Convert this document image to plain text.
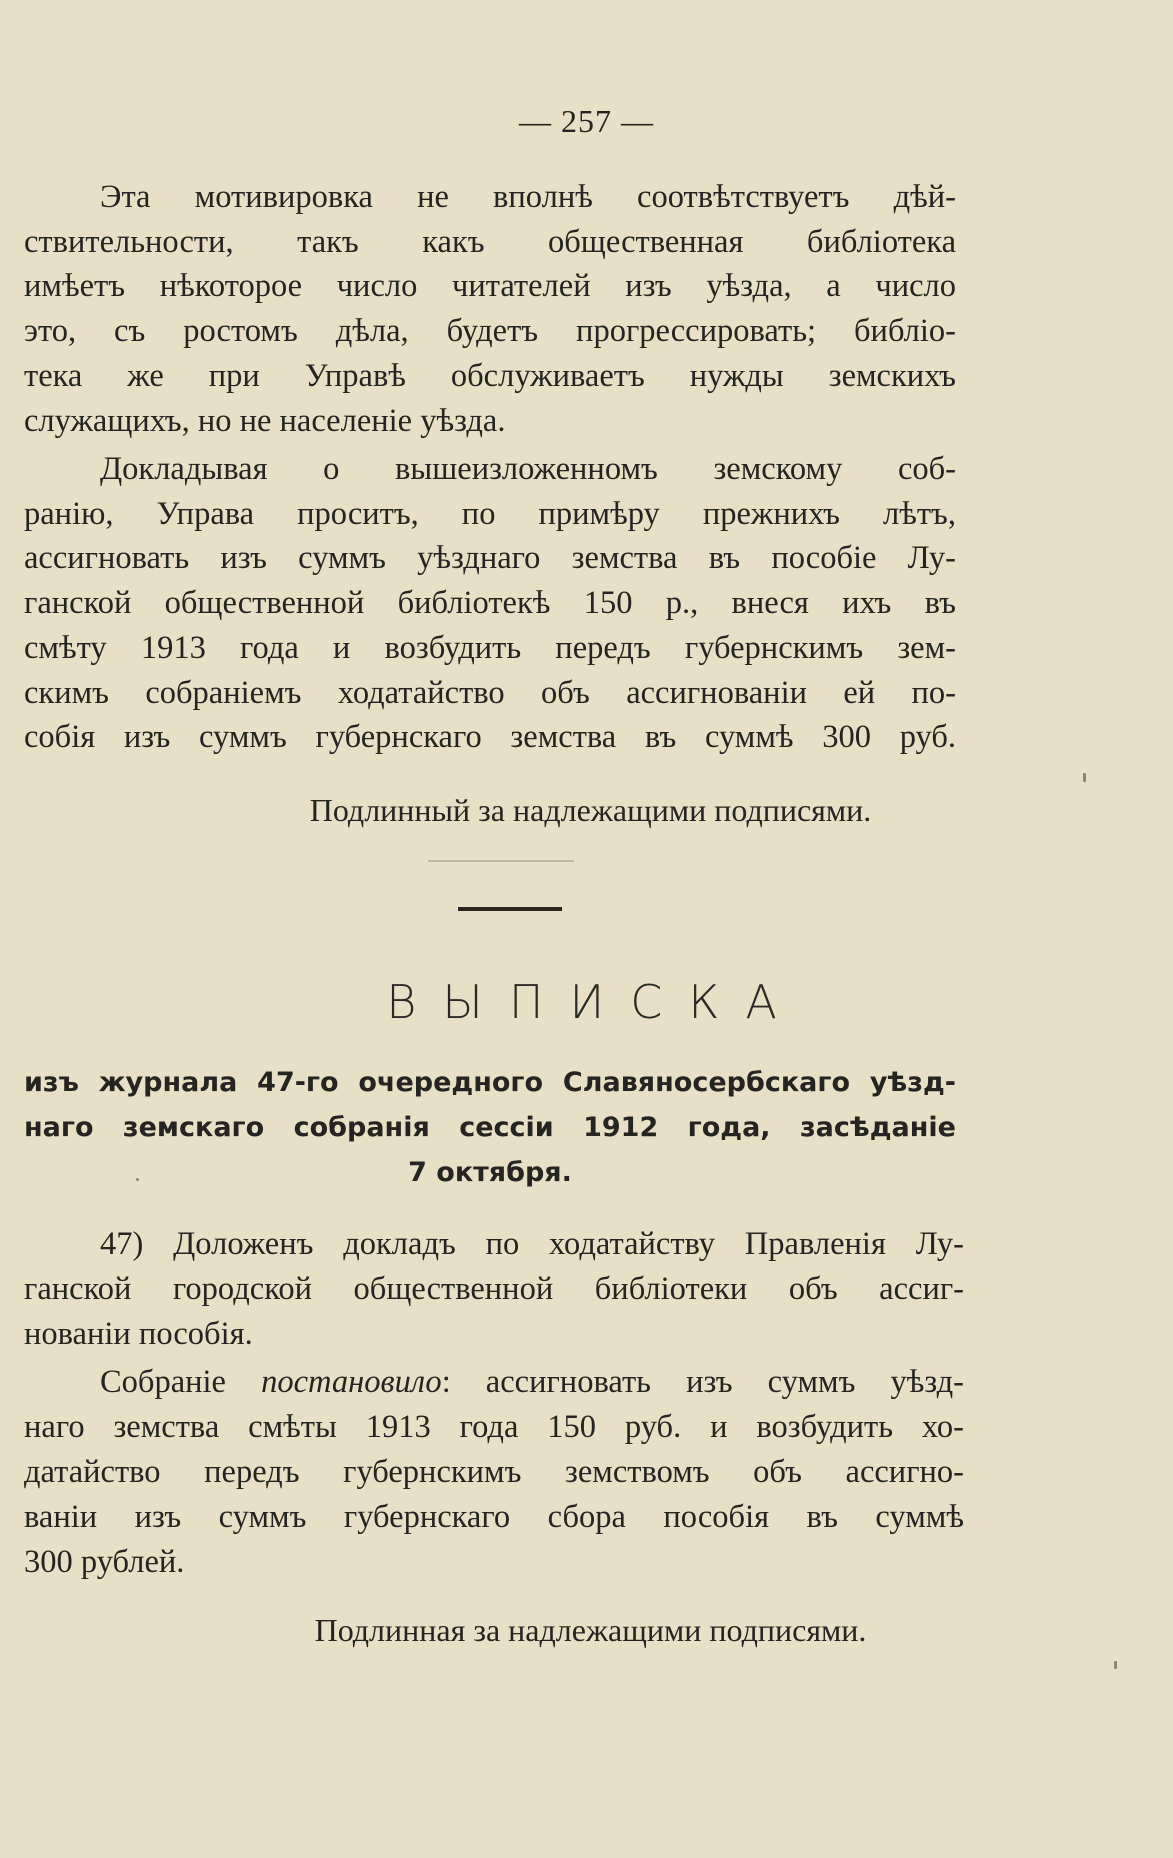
— 257 —
Эта мотивировка не вполнѣ соотвѣтствуетъ дѣй-
ствительности, такъ какъ общественная библіотека
имѣетъ нѣкоторое число читателей изъ уѣзда, а число
это, съ ростомъ дѣла, будетъ прогрессировать; библіо-
тека же при Управѣ обслуживаетъ нужды земскихъ
служащихъ, но не населеніе уѣзда.
Докладывая о вышеизложенномъ земскому соб-
ранію, Управа проситъ, по примѣру прежнихъ лѣтъ,
ассигновать изъ суммъ уѣзднаго земства въ пособіе Лу-
ганской общественной библіотекѣ 150 р., внеся ихъ въ
смѣту 1913 года и возбудить передъ губернскимъ зем-
скимъ собраніемъ ходатайство объ ассигнованіи ей по-
собія изъ суммъ губернскаго земства въ суммѣ 300 руб.
Подлинный за надлежащими подписями.
ВЫПИСКА
изъ журнала 47-го очередного Славяносербскаго уѣзд-
наго земскаго собранія сессіи 1912 года, засѣданіе
7 октября.
47) Доложенъ докладъ по ходатайству Правленія Лу-
ганской городской общественной библіотеки объ ассиг-
нованіи пособія.
Собраніе постановило: ассигновать изъ суммъ уѣзд-
наго земства смѣты 1913 года 150 руб. и возбудить хо-
датайство передъ губернскимъ земствомъ объ ассигно-
ваніи изъ суммъ губернскаго сбора пособія въ суммѣ
300 рублей.
Подлинная за надлежащими подписями.
